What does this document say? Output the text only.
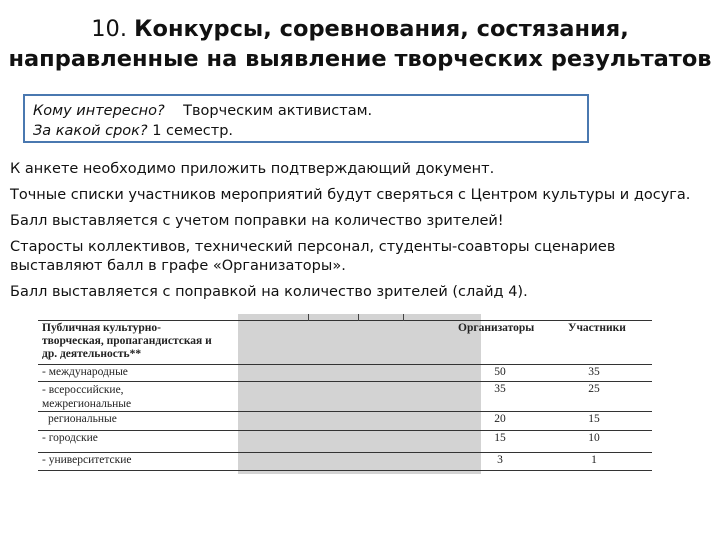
10. Конкурсы, соревнования, состязания,
направленные на выявление творческих результатов
Кому интересно? Творческим активистам.
За какой срок? 1 семестр.

К анкете необходимо приложить подтверждающий документ.

Точные списки участников мероприятий будут сверяться с Центром культуры и досуга.

Балл выставляется с учетом поправки на количество зрителей!

Старосты коллективов, технический персонал, студенты-соавторы сценариев

выставляют балл в графе «Организаторы».

Балл выставляется с поправкой на количество зрителей (слайд 4).

Публичная культурно-
творческая, пропагандистская и
др. деятельность**
Организаторы	Участники
- международные	50	35
- всероссийские,
межрегиональные
35	25
региональные	20	15
- городские	15	10
- университетские	3	1
